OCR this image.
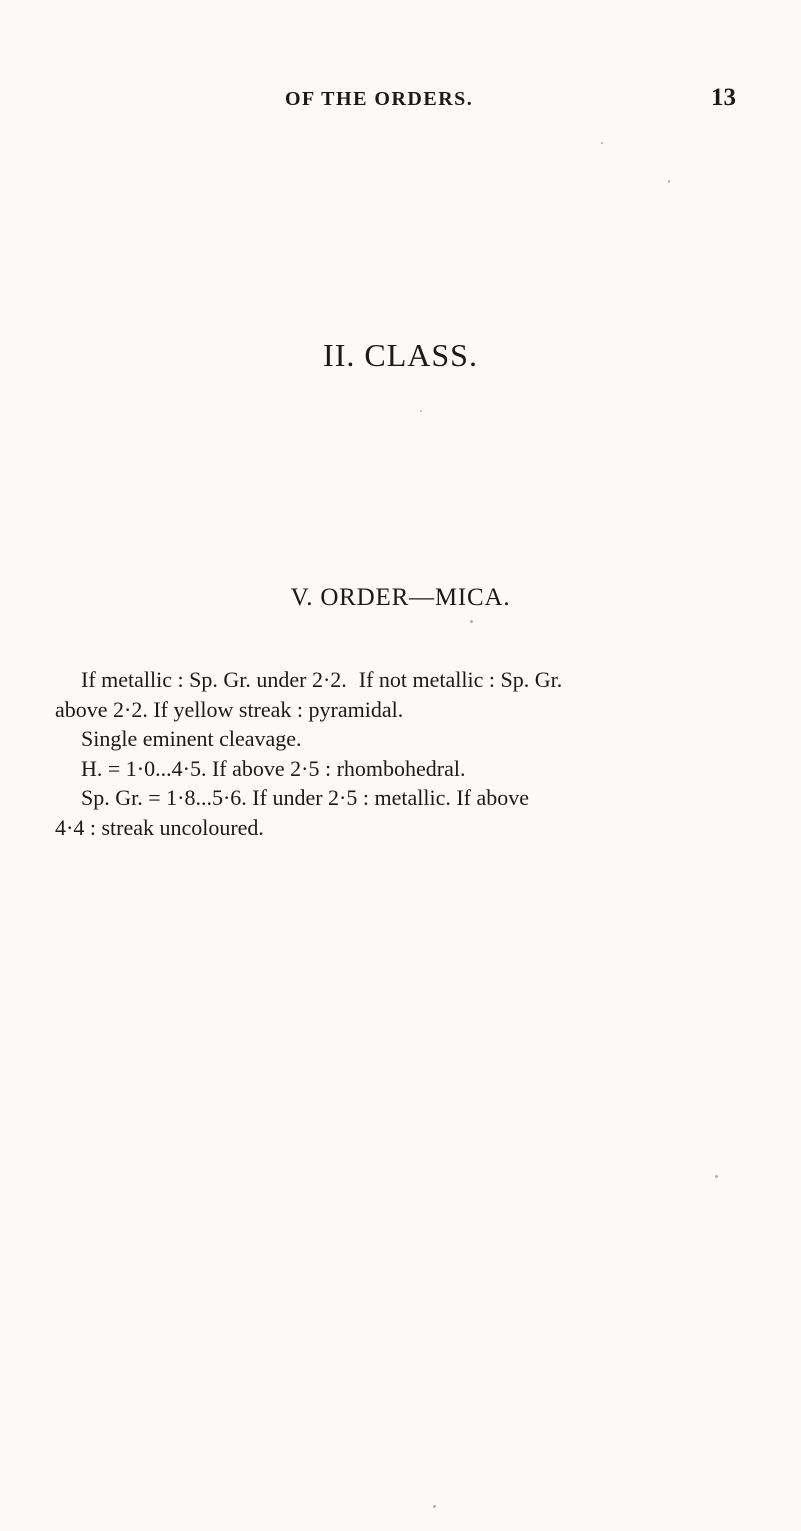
OF THE ORDERS.	13
II. CLASS.
V. ORDER—MICA.
If metallic : Sp. Gr. under 2·2. If not metallic : Sp. Gr.
above 2·2. If yellow streak : pyramidal.
Single eminent cleavage.
H. = 1·0...4·5. If above 2·5 : rhombohedral.
Sp. Gr. = 1·8...5·6. If under 2·5 : metallic. If above
4·4 : streak uncoloured.
